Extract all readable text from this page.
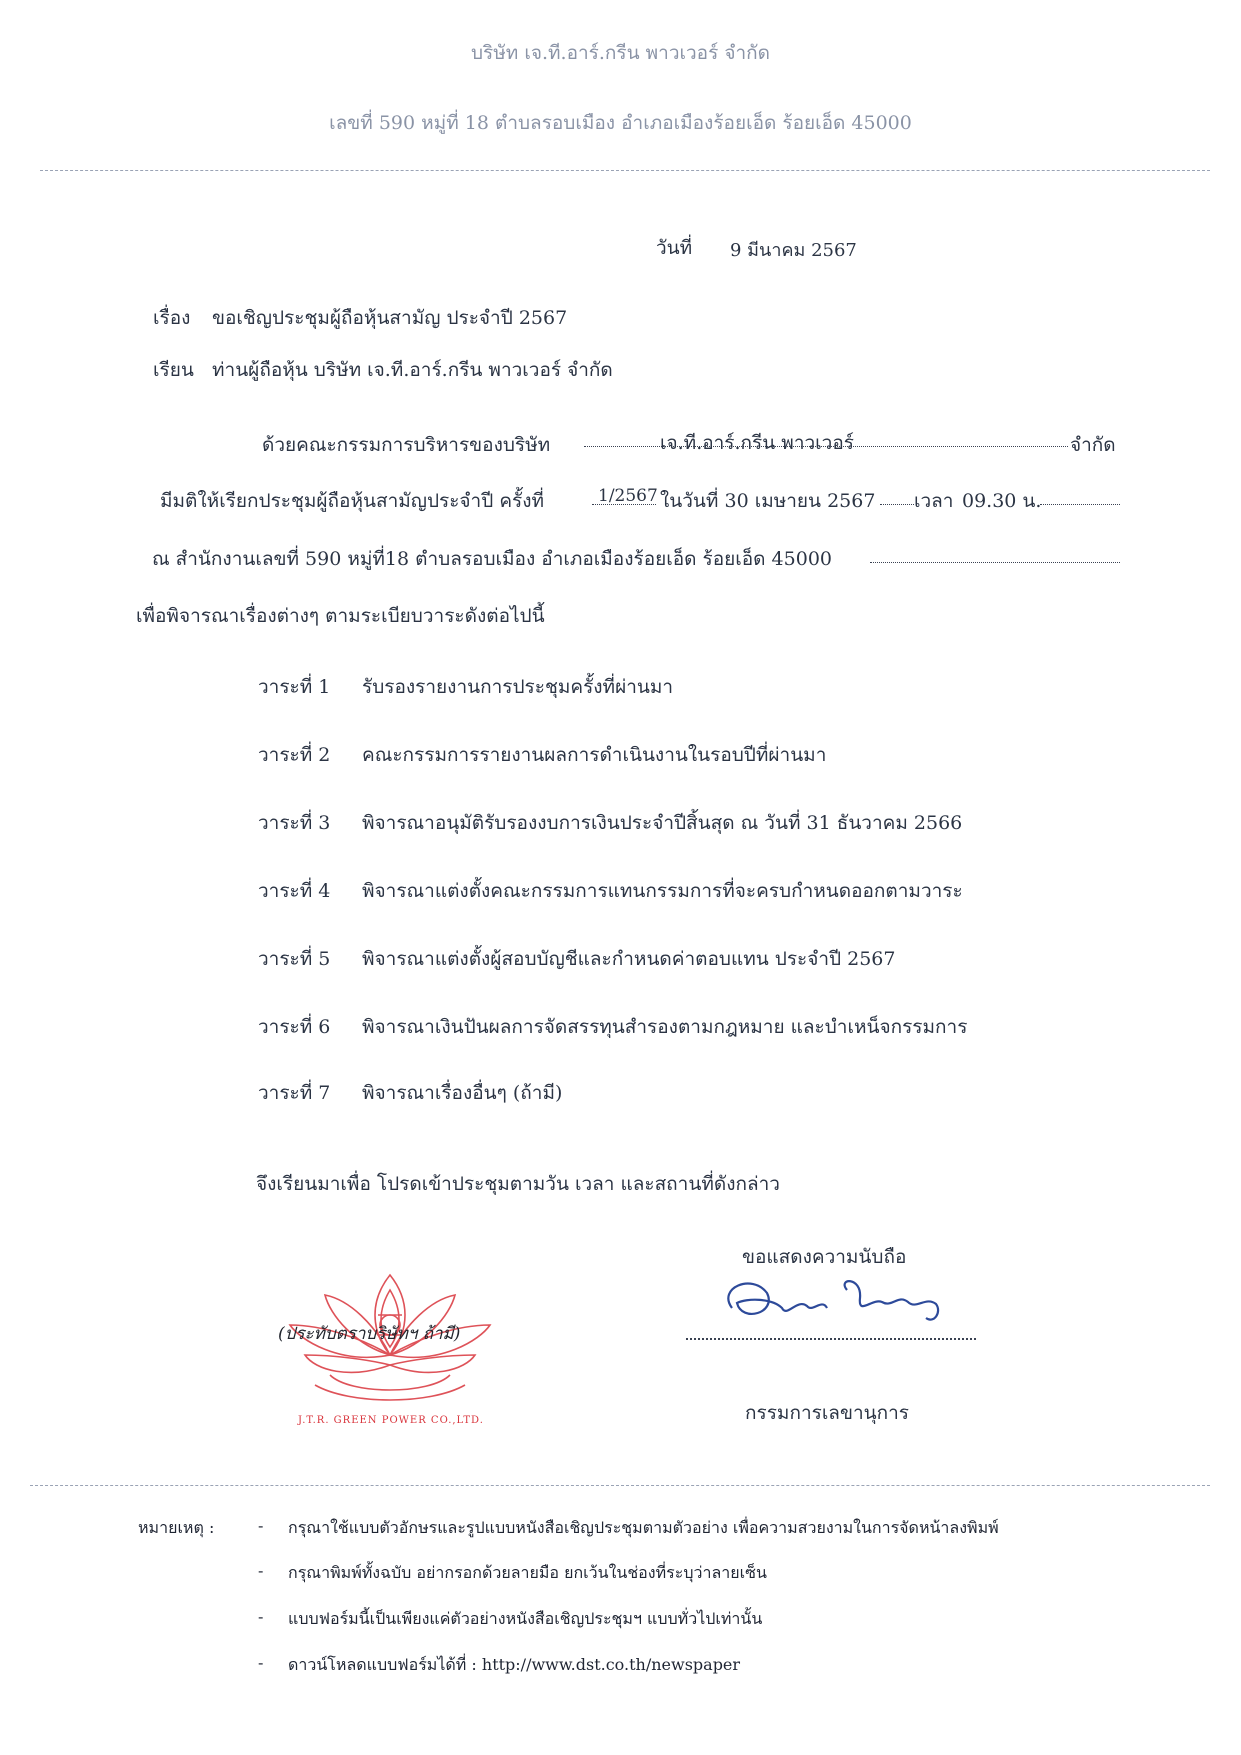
บริษัท เจ.ที.อาร์.กรีน พาวเวอร์ จำกัด
เลขที่ 590 หมู่ที่ 18 ตำบลรอบเมือง อำเภอเมืองร้อยเอ็ด ร้อยเอ็ด 45000
วันที่ 9 มีนาคม 2567
เรื่อง ขอเชิญประชุมผู้ถือหุ้นสามัญ ประจำปี 2567
เรียน ท่านผู้ถือหุ้น บริษัท เจ.ที.อาร์.กรีน พาวเวอร์ จำกัด
ด้วยคณะกรรมการบริหารของบริษัท	เจ.ที.อาร์.กรีน พาวเวอร์	จำกัด
มีมติให้เรียกประชุมผู้ถือหุ้นสามัญประจำปี ครั้งที่	1/2567 ในวันที่ 30 เมษายน 2567 เวลา 09.30 น.
ณ สำนักงานเลขที่ 590 หมู่ที่18 ตำบลรอบเมือง อำเภอเมืองร้อยเอ็ด ร้อยเอ็ด 45000
เพื่อพิจารณาเรื่องต่างๆ ตามระเบียบวาระดังต่อไปนี้
วาระที่ 1 รับรองรายงานการประชุมครั้งที่ผ่านมา
วาระที่ 2 คณะกรรมการรายงานผลการดำเนินงานในรอบปีที่ผ่านมา
วาระที่ 3 พิจารณาอนุมัติรับรองงบการเงินประจำปีสิ้นสุด ณ วันที่ 31 ธันวาคม 2566
วาระที่ 4 พิจารณาแต่งตั้งคณะกรรมการแทนกรรมการที่จะครบกำหนดออกตามวาระ
วาระที่ 5 พิจารณาแต่งตั้งผู้สอบบัญชีและกำหนดค่าตอบแทน ประจำปี 2567
วาระที่ 6 พิจารณาเงินปันผลการจัดสรรทุนสำรองตามกฎหมาย และบำเหน็จกรรมการ
วาระที่ 7 พิจารณาเรื่องอื่นๆ (ถ้ามี)
จึงเรียนมาเพื่อ โปรดเข้าประชุมตามวัน เวลา และสถานที่ดังกล่าว
ขอแสดงความนับถือ
กรรมการเลขานุการ
(ประทับตราบริษัทฯ ถ้ามี)
J.T.R. GREEN POWER CO.,LTD.
หมายเหตุ :	- กรุณาใช้แบบตัวอักษรและรูปแบบหนังสือเชิญประชุมตามตัวอย่าง เพื่อความสวยงามในการจัดหน้าลงพิมพ์
- กรุณาพิมพ์ทั้งฉบับ อย่ากรอกด้วยลายมือ ยกเว้นในช่องที่ระบุว่าลายเซ็น
- แบบฟอร์มนี้เป็นเพียงแค่ตัวอย่างหนังสือเชิญประชุมฯ แบบทั่วไปเท่านั้น
- ดาวน์โหลดแบบฟอร์มได้ที่ : http://www.dst.co.th/newspaper
